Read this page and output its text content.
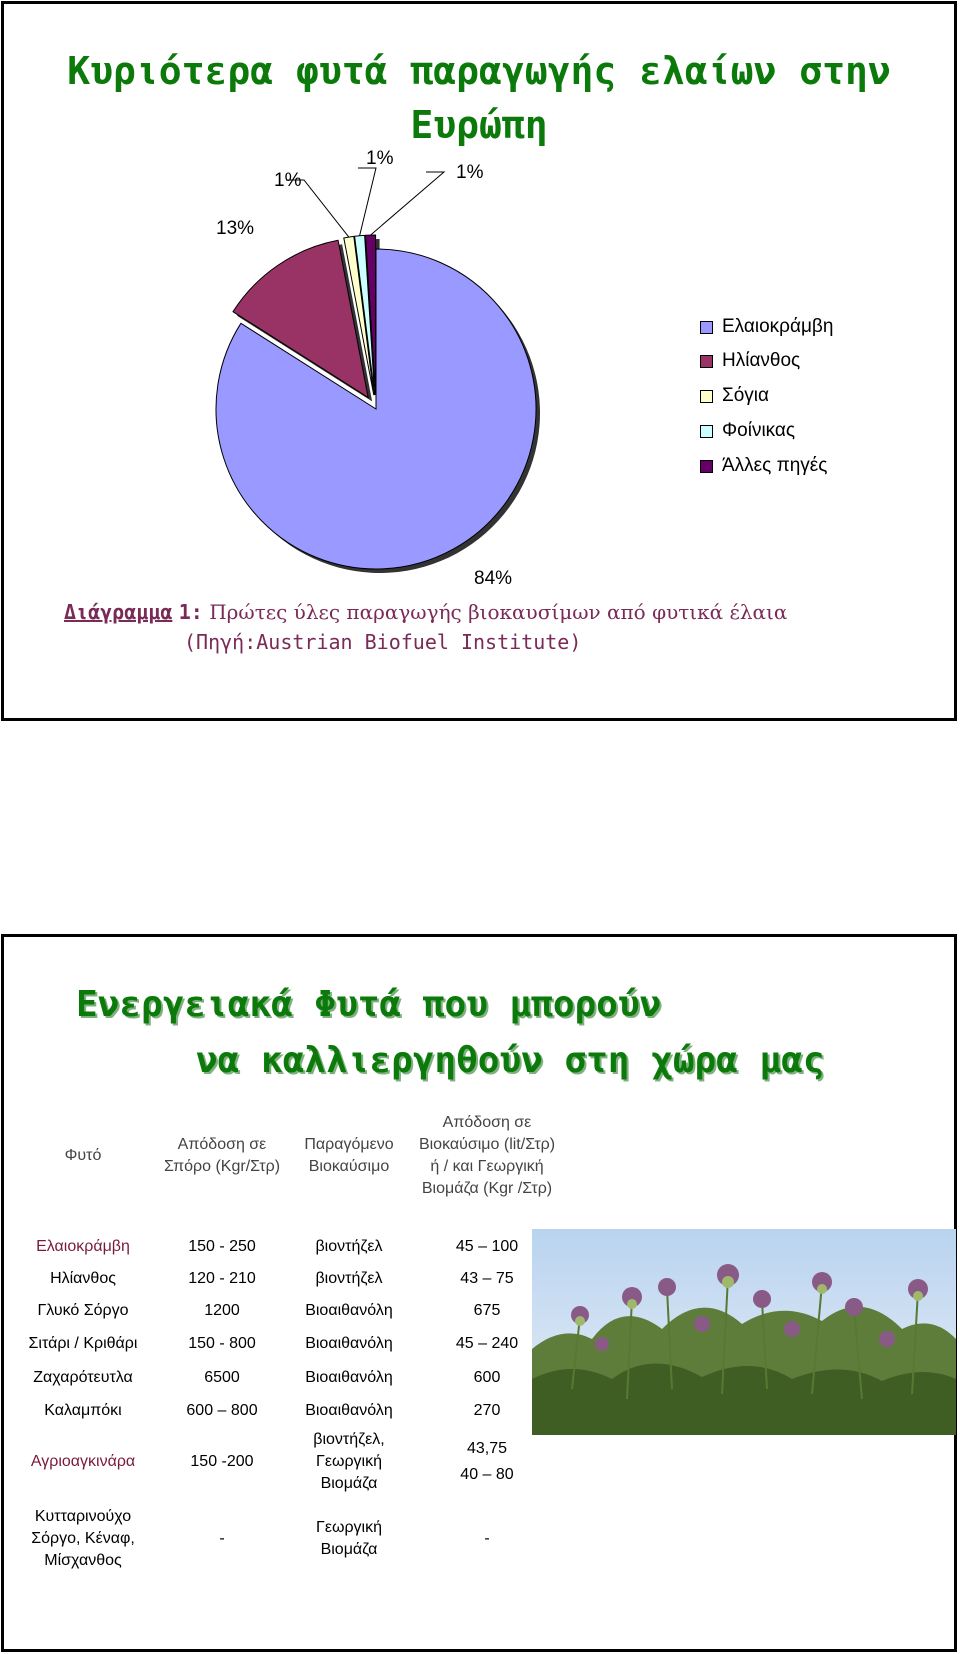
Κυριότερα φυτά παραγωγής ελαίων στην Ευρώπη
84%
13%
1%
1%
1%
Ελαιοκράμβη
Ηλίανθος
Σόγια
Φοίνικας
Άλλες πηγές
Διάγραμμα 1: Πρώτες ύλες παραγωγής βιοκαυσίμων από φυτικά έλαια
(Πηγή:Austrian Biofuel Institute)
Ενεργειακά Φυτά που μπορούν
να καλλιεργηθούν στη χώρα μας
Φυτό	Απόδοση σε Σπόρο (Kgr/Στρ)	Παραγόμενο Βιοκαύσιμο	Απόδοση σε Βιοκαύσιμο (lit/Στρ) ή / και Γεωργική Βιομάζα (Kgr /Στρ)
Ελαιοκράμβη	150 - 250	βιοντήζελ	45 – 100
Ηλίανθος	120 - 210	βιοντήζελ	43 – 75
Γλυκό Σόργο	1200	Βιοαιθανόλη	675
Σιτάρι / Κριθάρι	150 - 800	Βιοαιθανόλη	45 – 240
Ζαχαρότευτλα	6500	Βιοαιθανόλη	600
Καλαμπόκι	600 – 800	Βιοαιθανόλη	270
Αγριοαγκινάρα	150 -200	βιοντήζελ, Γεωργική Βιομάζα	43,75
40 – 80

Κυτταρινούχο Σόργο, Κέναφ, Μίσχανθος	-	Γεωργική Βιομάζα	-
